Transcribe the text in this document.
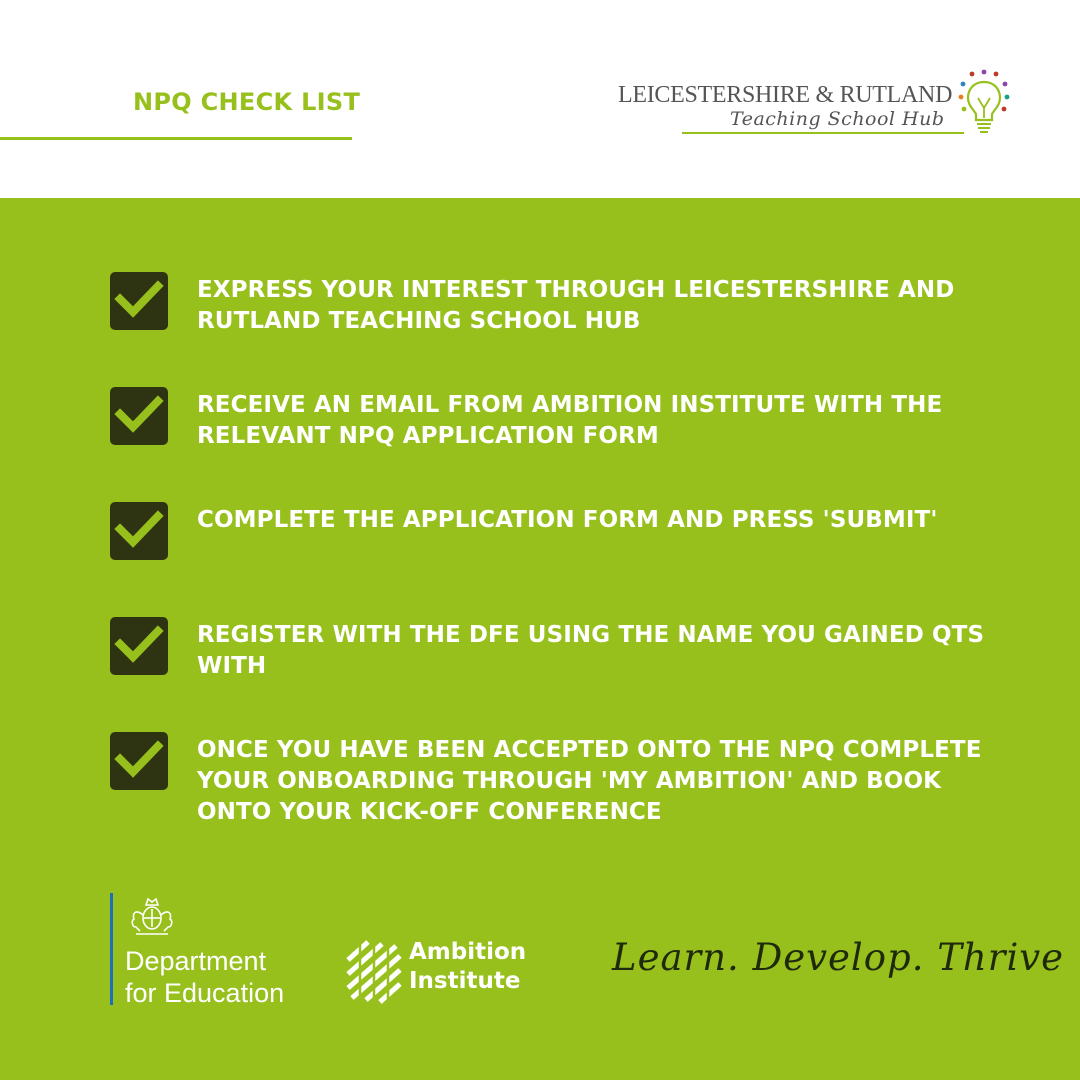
NPQ CHECK LIST	LEICESTERSHIRE & RUTLAND
Teaching School Hub
EXPRESS YOUR INTEREST THROUGH LEICESTERSHIRE AND RUTLAND TEACHING SCHOOL HUB
RECEIVE AN EMAIL FROM AMBITION INSTITUTE WITH THE RELEVANT NPQ APPLICATION FORM
COMPLETE THE APPLICATION FORM AND PRESS 'SUBMIT'
REGISTER WITH THE DFE USING THE NAME YOU GAINED QTS WITH
ONCE YOU HAVE BEEN ACCEPTED ONTO THE NPQ COMPLETE YOUR ONBOARDING THROUGH 'MY AMBITION' AND BOOK ONTO YOUR KICK-OFF CONFERENCE
Department
for Education
Ambition
Institute
Learn. Develop. Thrive
